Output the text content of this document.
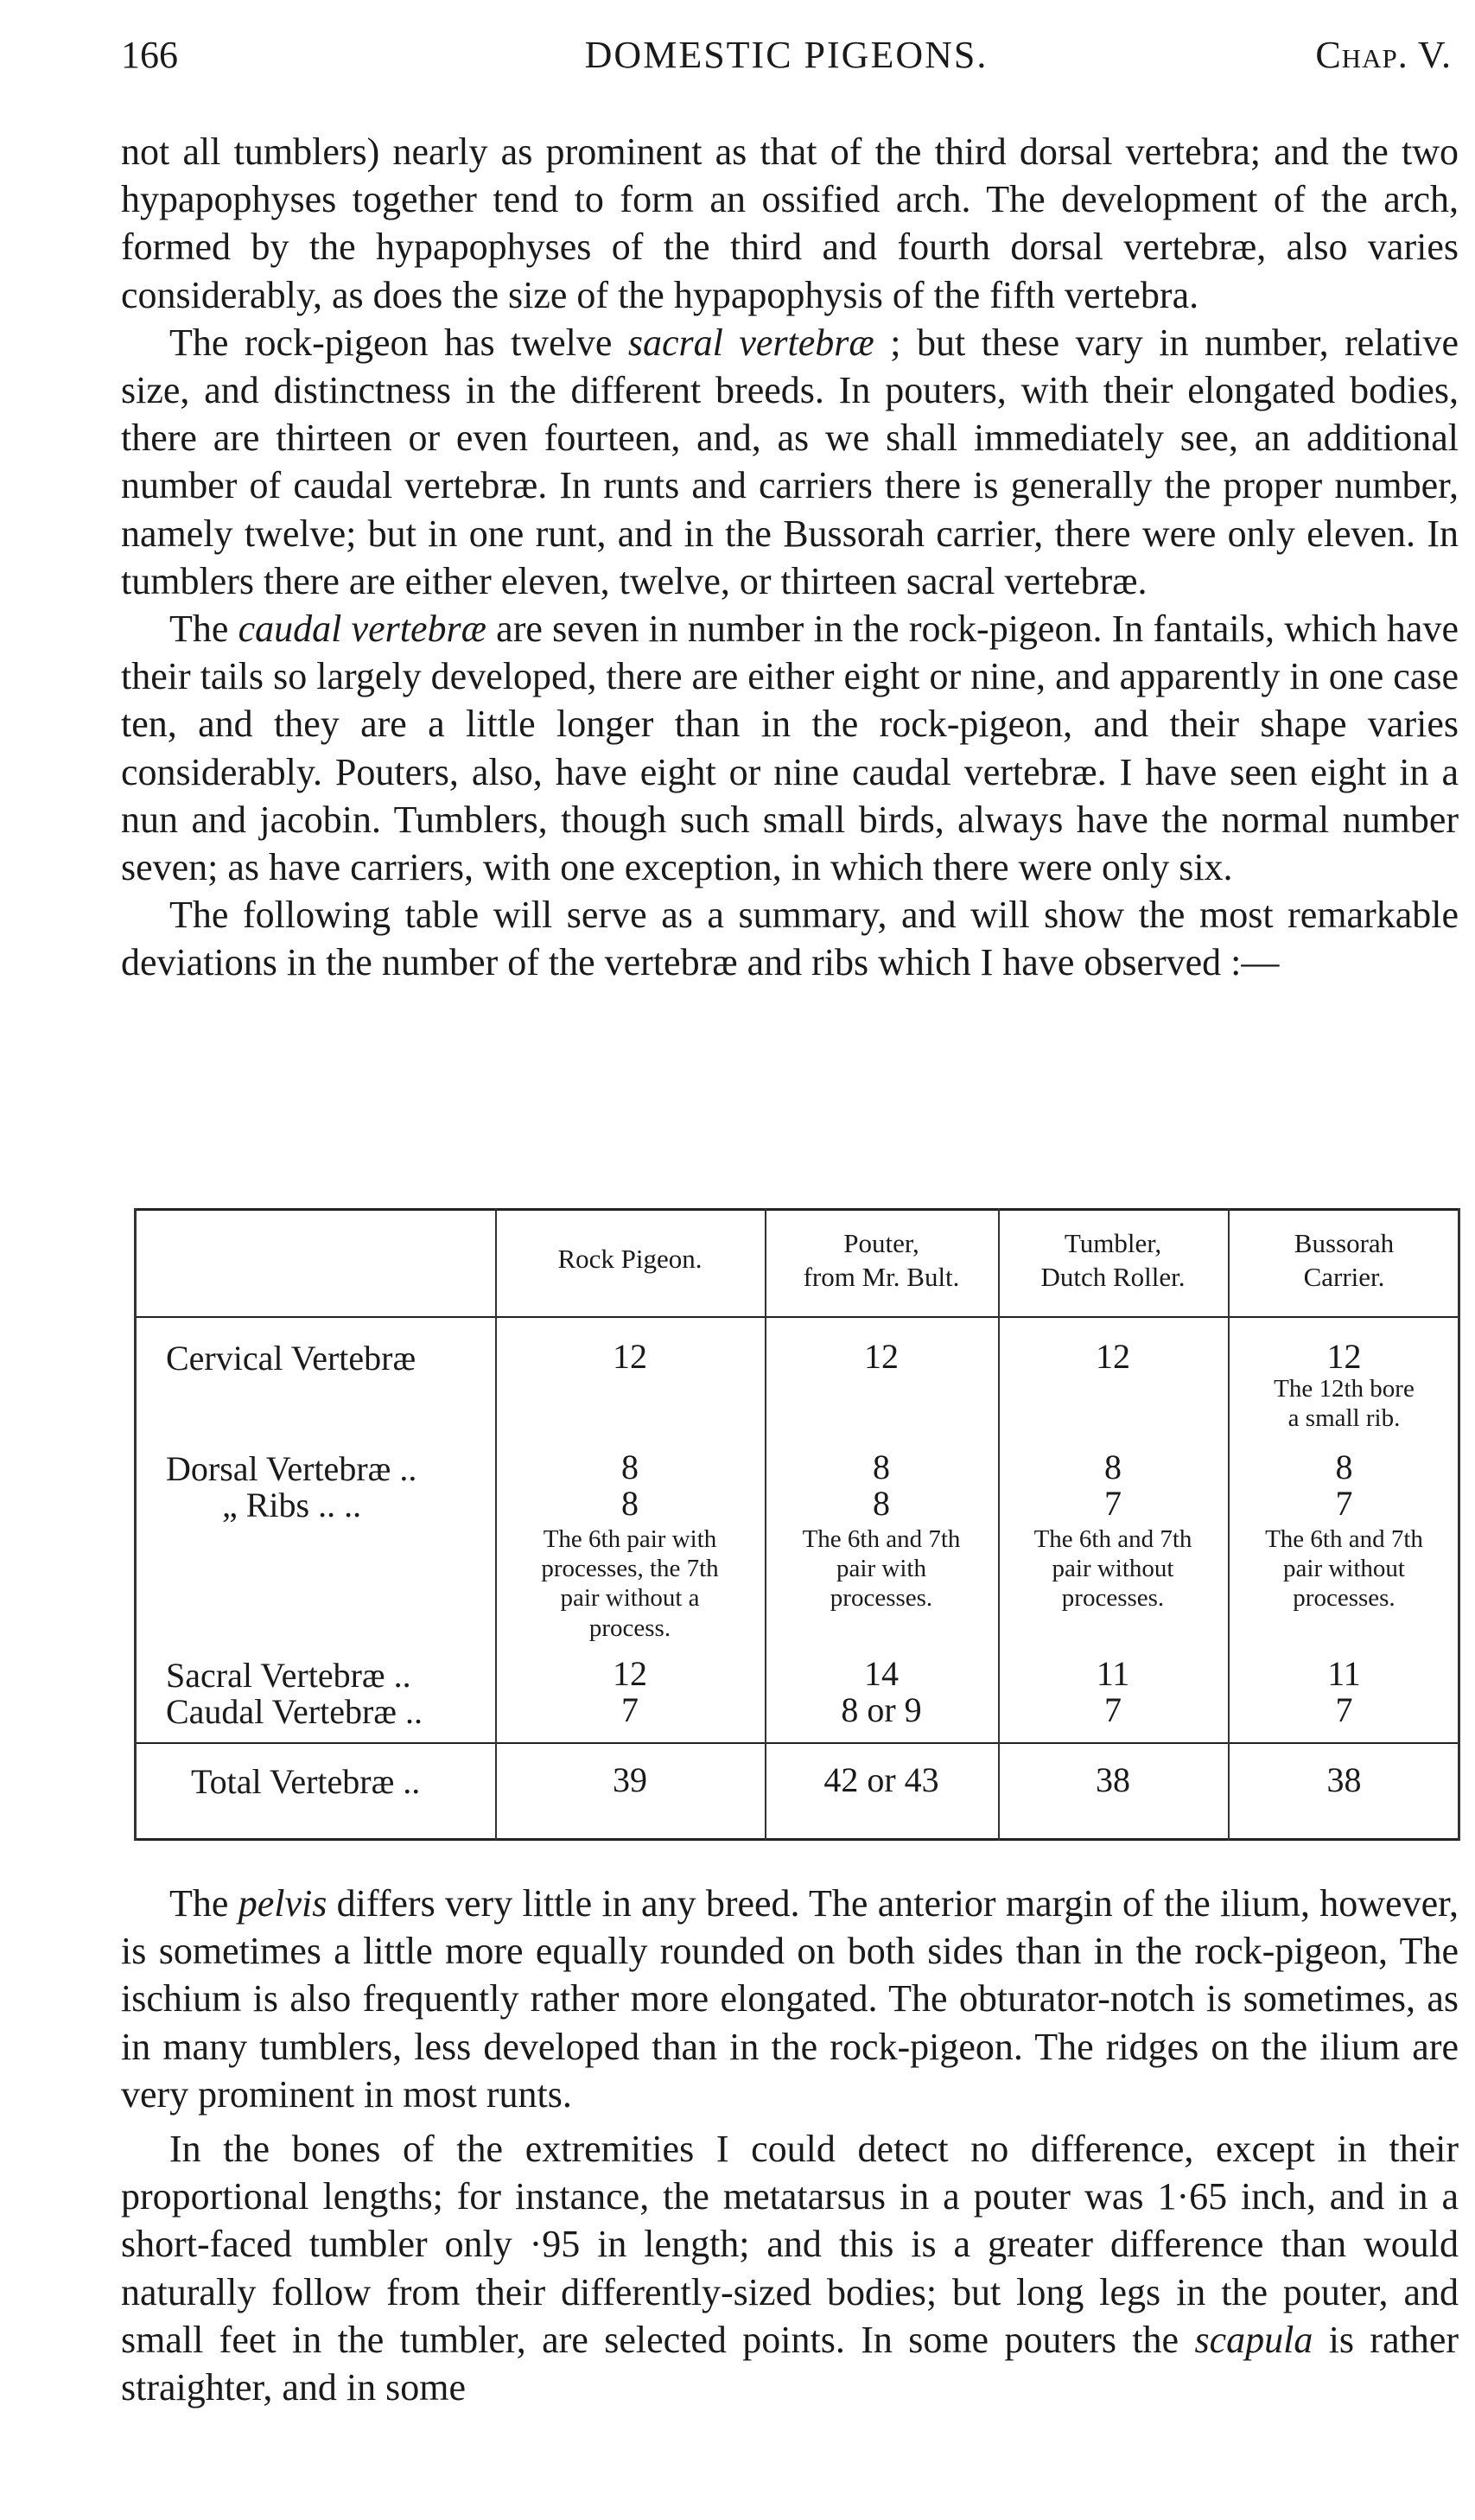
166	DOMESTIC PIGEONS.	Chap. V.

not all tumblers) nearly as prominent as that of the third dorsal vertebra; and the two hypapophyses together tend to form an ossified arch. The development of the arch, formed by the hypapophyses of the third and fourth dorsal vertebræ, also varies considerably, as does the size of the hypapophysis of the fifth vertebra.

The rock-pigeon has twelve sacral vertebræ ; but these vary in number, relative size, and distinctness in the different breeds. In pouters, with their elongated bodies, there are thirteen or even fourteen, and, as we shall immediately see, an additional number of caudal vertebræ. In runts and carriers there is generally the proper number, namely twelve; but in one runt, and in the Bussorah carrier, there were only eleven. In tumblers there are either eleven, twelve, or thirteen sacral vertebræ.

The caudal vertebræ are seven in number in the rock-pigeon. In fantails, which have their tails so largely developed, there are either eight or nine, and apparently in one case ten, and they are a little longer than in the rock-pigeon, and their shape varies considerably. Pouters, also, have eight or nine caudal vertebræ. I have seen eight in a nun and jacobin. Tumblers, though such small birds, always have the normal number seven; as have carriers, with one exception, in which there were only six.

The following table will serve as a summary, and will show the most remarkable deviations in the number of the vertebræ and ribs which I have observed :—

Rock Pigeon.
Pouter,
from Mr. Bult.
Tumbler,
Dutch Roller.
Bussorah
Carrier.
Cervical Vertebræ
Dorsal Vertebræ ..
„ Ribs .. ..
Sacral Vertebræ ..
Caudal Vertebræ ..
Total Vertebræ ..
12
8
8
The 6th pair with
processes, the 7th
pair without a
process.
12
7
39
12
8
8
The 6th and 7th
pair with
processes.
14
8 or 9
42 or 43
12
8
7
The 6th and 7th
pair without
processes.
11
7
38
12
The 12th bore
a small rib.
8
7
The 6th and 7th
pair without
processes.
11
7
38

The pelvis differs very little in any breed. The anterior margin of the ilium, however, is sometimes a little more equally rounded on both sides than in the rock-pigeon, The ischium is also frequently rather more elongated. The obturator-notch is sometimes, as in many tumblers, less developed than in the rock-pigeon. The ridges on the ilium are very prominent in most runts.

In the bones of the extremities I could detect no difference, except in their proportional lengths; for instance, the metatarsus in a pouter was 1·65 inch, and in a short-faced tumbler only ·95 in length; and this is a greater difference than would naturally follow from their differently-sized bodies; but long legs in the pouter, and small feet in the tumbler, are selected points. In some pouters the scapula is rather straighter, and in some
